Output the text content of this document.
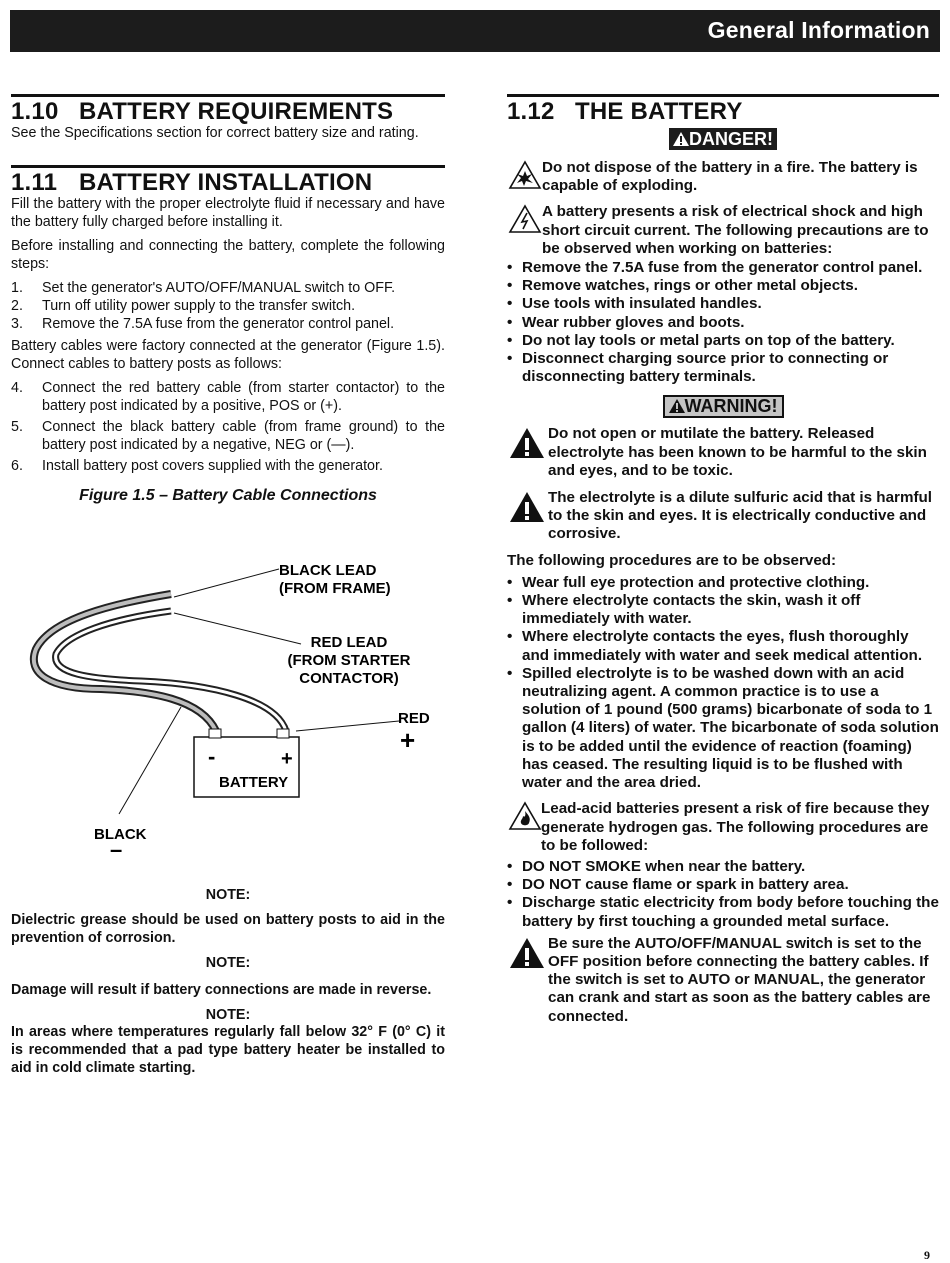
General Information
1.10 BATTERY REQUIREMENTS

See the Specifications section for correct battery size and rating.

1.11 BATTERY INSTALLATION

Fill the battery with the proper electrolyte fluid if necessary and have the battery fully charged before installing it.

Before installing and connecting the battery, complete the following steps:

1. Set the generator's AUTO/OFF/MANUAL switch to OFF.
2. Turn off utility power supply to the transfer switch.
3. Remove the 7.5A fuse from the generator control panel.

Battery cables were factory connected at the generator (Figure 1.5). Connect cables to battery posts as follows:

4. Connect the red battery cable (from starter contactor) to the battery post indicated by a positive, POS or (+).
5. Connect the black battery cable (from frame ground) to the battery post indicated by a negative, NEG or (—).
6. Install battery post covers supplied with the generator.

Figure 1.5 – Battery Cable Connections

-	+
BATTERY
BLACK LEAD
(FROM FRAME)
RED LEAD
(FROM STARTER
CONTACTOR)
RED
+
BLACK
–

NOTE:

Dielectric grease should be used on battery posts to aid in the prevention of corrosion.

NOTE:

Damage will result if battery connections are made in reverse.

NOTE:

In areas where temperatures regularly fall below 32° F (0° C) it is recommended that a pad type battery heater be installed to aid in cold climate starting.

1.12 THE BATTERY
DANGER!
Do not dispose of the battery in a fire. The battery is capable of exploding.
A battery presents a risk of electrical shock and high short circuit current. The following precautions are to be observed when working on batteries:
• Remove the 7.5A fuse from the generator control panel.
• Remove watches, rings or other metal objects.
• Use tools with insulated handles.
• Wear rubber gloves and boots.
• Do not lay tools or metal parts on top of the battery.
• Disconnect charging source prior to connecting or disconnecting battery terminals.
WARNING!
Do not open or mutilate the battery. Released electrolyte has been known to be harmful to the skin and eyes, and to be toxic.
The electrolyte is a dilute sulfuric acid that is harmful to the skin and eyes. It is electrically conductive and corrosive.

The following procedures are to be observed:

• Wear full eye protection and protective clothing.
• Where electrolyte contacts the skin, wash it off immediately with water.
• Where electrolyte contacts the eyes, flush thoroughly and immediately with water and seek medical attention.
• Spilled electrolyte is to be washed down with an acid neutralizing agent. A common practice is to use a solution of 1 pound (500 grams) bicarbonate of soda to 1 gallon (4 liters) of water. The bicarbonate of soda solution is to be added until the evidence of reaction (foaming) has ceased. The resulting liquid is to be flushed with water and the area dried.
Lead-acid batteries present a risk of fire because they generate hydrogen gas. The following procedures are to be followed:
• DO NOT SMOKE when near the battery.
• DO NOT cause flame or spark in battery area.
• Discharge static electricity from body before touching the battery by first touching a grounded metal surface.
Be sure the AUTO/OFF/MANUAL switch is set to the OFF position before connecting the battery cables. If the switch is set to AUTO or MANUAL, the generator can crank and start as soon as the battery cables are connected.
9
